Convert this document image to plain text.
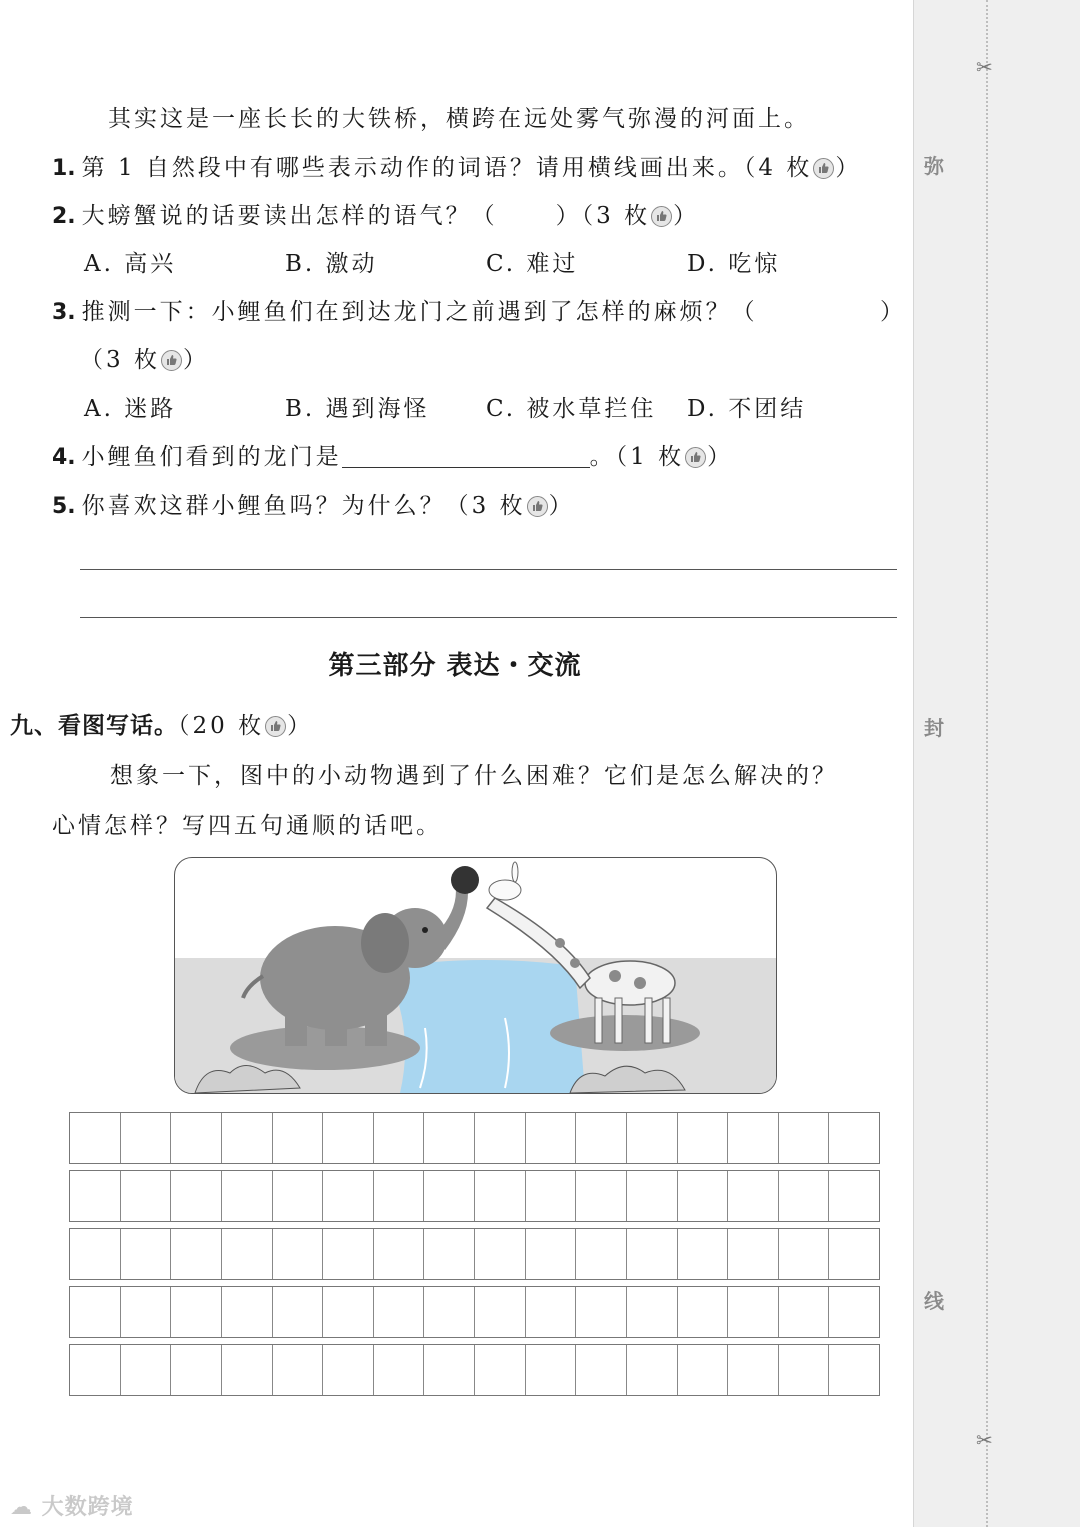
其实这是一座长长的大铁桥，横跨在远处雾气弥漫的河面上。
1. 第 1 自然段中有哪些表示动作的词语？请用横线画出来。（4 枚 ）
2. 大螃蟹说的话要读出怎样的语气？（	）（3 枚 ）
A. 高兴	B. 激动	C. 难过	D. 吃惊
3. 推测一下：小鲤鱼们在到达龙门之前遇到了怎样的麻烦？（	）
（3 枚 ）
A. 迷路	B. 遇到海怪 C. 被水草拦住 D. 不团结
4. 小鲤鱼们看到的龙门是	。（1 枚 ）
5. 你喜欢这群小鲤鱼吗？为什么？（3 枚 ）
第三部分 表达・交流
九、看图写话。（20 枚 ）
想象一下，图中的小动物遇到了什么困难？它们是怎么解决的？
心情怎样？写四五句通顺的话吧。
✂
弥
封
线
✂
☁ 大数跨境
